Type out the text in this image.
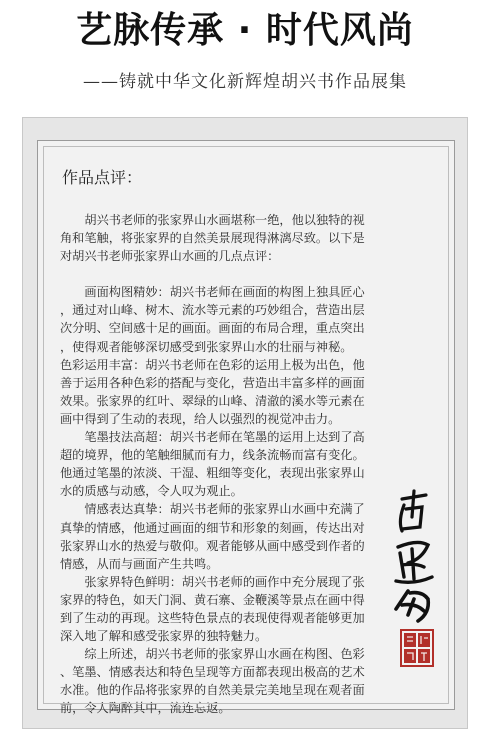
艺脉传承 · 时代风尚
——铸就中华文化新辉煌胡兴书作品展集
作品点评：

胡兴书老师的张家界山水画堪称一绝，他以独特的视
角和笔触，将张家界的自然美景展现得淋漓尽致。以下是
对胡兴书老师张家界山水画的几点点评：

画面构图精妙：胡兴书老师在画面的构图上独具匠心
，通过对山峰、树木、流水等元素的巧妙组合，营造出层
次分明、空间感十足的画面。画面的布局合理，重点突出
，使得观者能够深切感受到张家界山水的壮丽与神秘。

色彩运用丰富：胡兴书老师在色彩的运用上极为出色，他
善于运用各种色彩的搭配与变化，营造出丰富多样的画面
效果。张家界的红叶、翠绿的山峰、清澈的溪水等元素在
画中得到了生动的表现，给人以强烈的视觉冲击力。

笔墨技法高超：胡兴书老师在笔墨的运用上达到了高
超的境界，他的笔触细腻而有力，线条流畅而富有变化。
他通过笔墨的浓淡、干湿、粗细等变化，表现出张家界山
水的质感与动感，令人叹为观止。

情感表达真挚：胡兴书老师的张家界山水画中充满了
真挚的情感，他通过画面的细节和形象的刻画，传达出对
张家界山水的热爱与敬仰。观者能够从画中感受到作者的
情感，从而与画面产生共鸣。

张家界特色鲜明：胡兴书老师的画作中充分展现了张
家界的特色，如天门洞、黄石寨、金鞭溪等景点在画中得
到了生动的再现。这些特色景点的表现使得观者能够更加
深入地了解和感受张家界的独特魅力。

综上所述，胡兴书老师的张家界山水画在构图、色彩
、笔墨、情感表达和特色呈现等方面都表现出极高的艺术
水准。他的作品将张家界的自然美景完美地呈现在观者面
前，令人陶醉其中，流连忘返。
